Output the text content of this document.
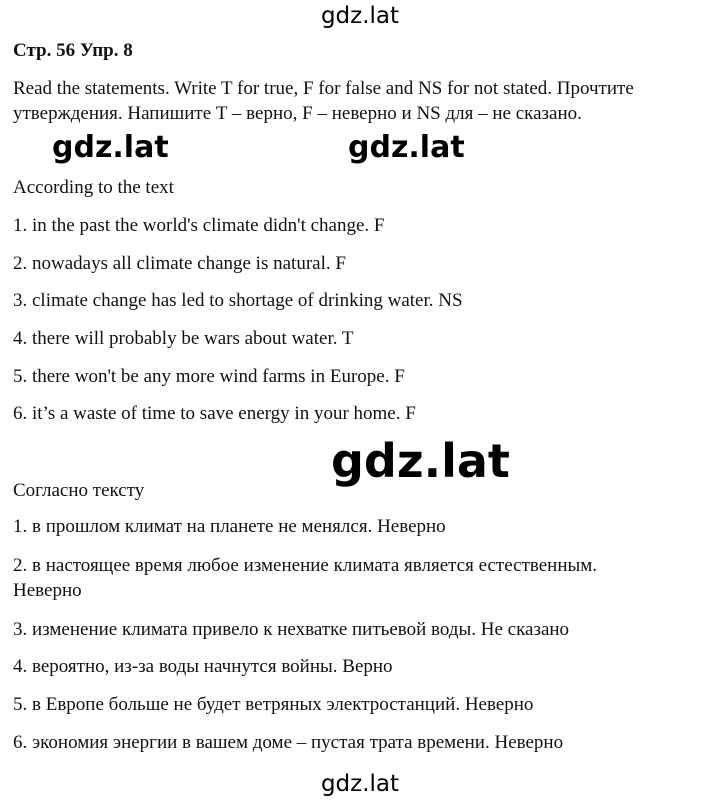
gdz.lat
Стр. 56 Упр. 8
Read the statements. Write T for true, F for false and NS for not stated. Прочтите утверждения. Напишите T – верно, F – неверно и NS для – не сказано.
gdz.lat	gdz.lat
According to the text
1. in the past the world's climate didn't change. F
2. nowadays all climate change is natural. F
3. climate change has led to shortage of drinking water. NS
4. there will probably be wars about water. T
5. there won't be any more wind farms in Europe. F
6. it’s a waste of time to save energy in your home. F
gdz.lat
Согласно тексту
1. в прошлом климат на планете не менялся. Неверно
2. в настоящее время любое изменение климата является естественным.
Неверно
3. изменение климата привело к нехватке питьевой воды. Не сказано
4. вероятно, из-за воды начнутся войны. Верно
5. в Европе больше не будет ветряных электростанций. Неверно
6. экономия энергии в вашем доме – пустая трата времени. Неверно
gdz.lat
